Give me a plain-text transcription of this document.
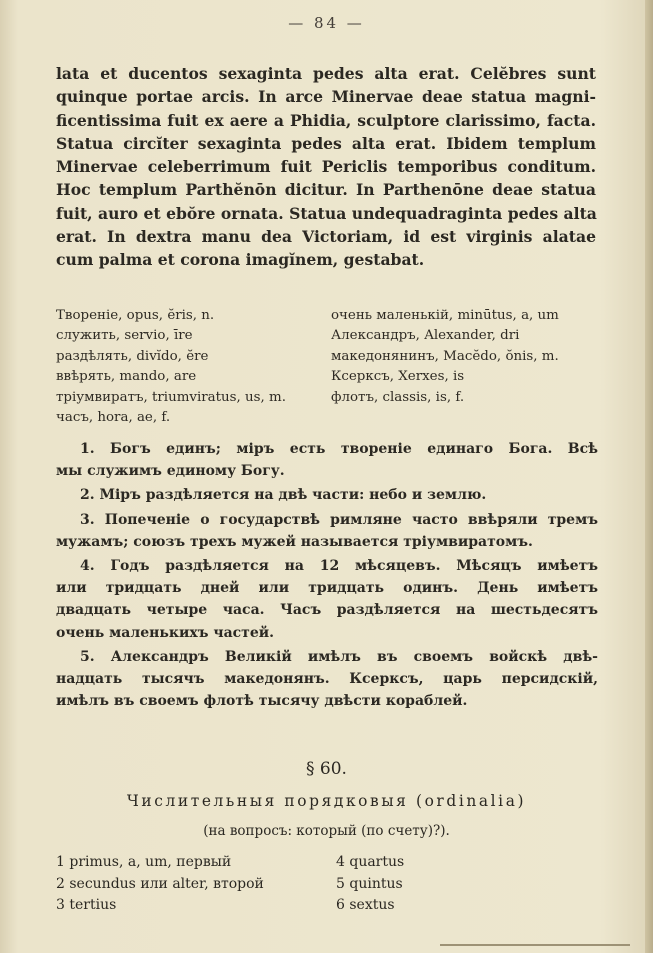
— 84 —
lata et ducentos sexaginta pedes alta erat. Celĕbres sunt
quinque portae arcis. In arce Minervae deae statua magni-
ficentissima fuit ex aere a Phidia, sculptore clarissimo, facta.
Statua circĭter sexaginta pedes alta erat. Ibidem templum
Minervae celeberrimum fuit Periclis temporibus conditum.
Hoc templum Parthĕnōn dicitur. In Parthenōne deae statua
fuit, auro et ebŏre ornata. Statua undequadraginta pedes alta
erat. In dextra manu dea Victoriam, id est virginis alatae
cum palma et corona imagĭnem, gestabat.
Творенiе, opus, ĕris, n.	очень маленькiй, minūtus, a, um
служить, servio, īre	Александръ, Alexander, dri
раздѣлять, divĭdo, ĕre	македонянинъ, Macĕdo, ŏnis, m.
ввѣрять, mando, are	Ксерксъ, Xerxes, is
трiумвиратъ, triumviratus, us, m.	флотъ, classis, is, f.
часъ, hora, ae, f.
1. Богъ единъ; мiръ есть творенiе единаго Бога. Всѣ
мы служимъ единому Богу.
2. Мiръ раздѣляется на двѣ части: небо и землю.
3. Попеченiе о государствѣ римляне часто ввѣряли тремъ
мужамъ; союзъ трехъ мужей называется трiумвиратомъ.
4. Годъ раздѣляется на 12 мѣсяцевъ. Мѣсяцъ имѣетъ
или тридцать дней или тридцать одинъ. День имѣетъ
двадцать четыре часа. Часъ раздѣляется на шестьдесятъ
очень маленькихъ частей.
5. Александръ Великiй имѣлъ въ своемъ войскѣ двѣ-
надцать тысячъ македонянъ. Ксерксъ, царь персидскiй,
имѣлъ въ своемъ флотѣ тысячу двѣсти кораблей.
§ 60.
Числительныя порядковыя (ordinalia)
(на вопросъ: который (по счету)?).
1 primus, a, um, первый	4 quartus
2 secundus или alter, второй	5 quintus
3 tertius	6 sextus
